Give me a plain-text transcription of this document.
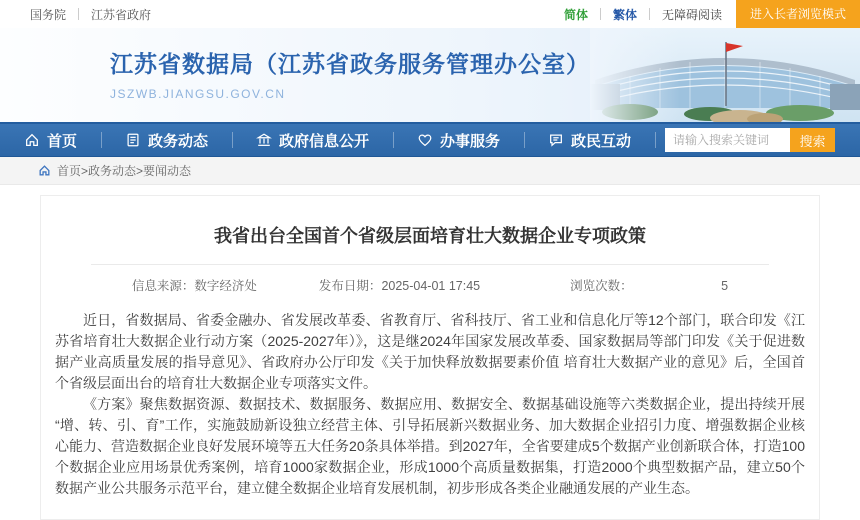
国务院 江苏省政府	简体 繁体 无障碍阅读	进入长者浏览模式
江苏省数据局（江苏省政务服务管理办公室）
JSZWB.JIANGSU.GOV.CN
首页	政务动态	政府信息公开	办事服务	政民互动
请输入搜索关键词	搜索
首页>政务动态>要闻动态
我省出台全国首个省级层面培育壮大数据企业专项政策
信息来源：数字经济处	发布日期：2025-04-01 17:45	浏览次数：	5

近日，省数据局、省委金融办、省发展改革委、省教育厅、省科技厅、省工业和信息化厅等12个部门，联合印发《江苏省培育壮大数据企业行动方案（2025-2027年）》，这是继2024年国家发展改革委、国家数据局等部门印发《关于促进数据产业高质量发展的指导意见》、省政府办公厅印发《关于加快释放数据要素价值 培育壮大数据产业的意见》后，全国首个省级层面出台的培育壮大数据企业专项落实文件。

《方案》聚焦数据资源、数据技术、数据服务、数据应用、数据安全、数据基础设施等六类数据企业，提出持续开展“增、转、引、育”工作，实施鼓励新设独立经营主体、引导拓展新兴数据业务、加大数据企业招引力度、增强数据企业核心能力、营造数据企业良好发展环境等五大任务20条具体举措。到2027年，全省要建成5个数据产业创新联合体，打造100个数据企业应用场景优秀案例，培育1000家数据企业，形成1000个高质量数据集，打造2000个典型数据产品，建立50个数据产业公共服务示范平台，建立健全数据企业培育发展机制，初步形成各类企业融通发展的产业生态。
